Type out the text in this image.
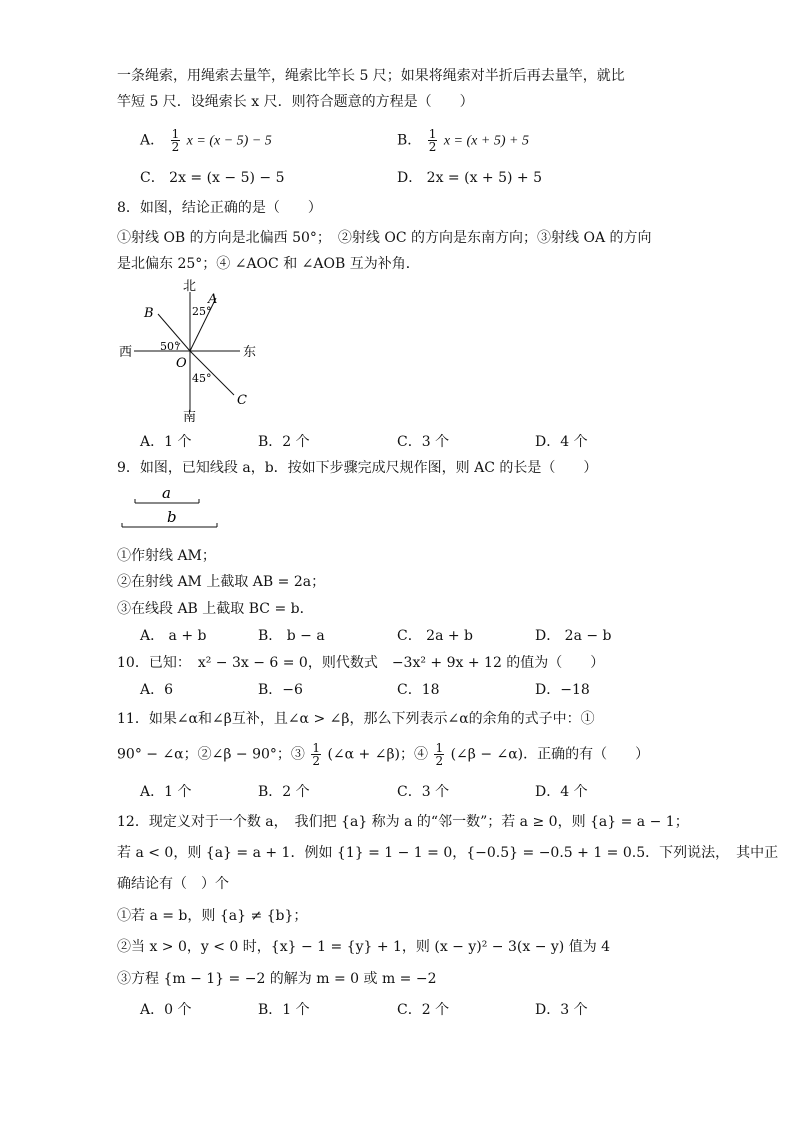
一条绳索，用绳索去量竿，绳索比竿长 5 尺；如果将绳索对半折后再去量竿，就比
竿短 5 尺．设绳索长 x 尺．则符合题意的方程是（　　）
A． $\frac{1}{2}$ x = (x − 5) − 5	B． $\frac{1}{2}$ x = (x + 5) + 5
C． 2x = (x − 5) − 5	D． 2x = (x + 5) + 5
8．如图，结论正确的是（　　）
①射线 OB 的方向是北偏西 50°；　②射线 OC 的方向是东南方向；③射线 OA 的方向
是北偏东 25°；④ ∠AOC 和 ∠AOB 互为补角．
北
南
西	东
A
B
C
O
25°
50°
45°
A．1 个	B．2 个	C．3 个	D．4 个
9．如图，已知线段 a，b．按如下步骤完成尺规作图，则 AC 的长是（　　）
a
b
①作射线 AM；
②在射线 AM 上截取 AB = 2a；
③在线段 AB 上截取 BC = b．
A． a + b	B． b − a	C． 2a + b	D． 2a − b
10．已知：　x² − 3x − 6 = 0，则代数式　−3x² + 9x + 12 的值为（　　）
A．6	B．−6	C．18	D．−18
11．如果∠α和∠β互补，且∠α > ∠β，那么下列表示∠α的余角的式子中：①
90° − ∠α；②∠β − 90°；③ $\frac{1}{2}$ (∠α + ∠β)；④ $\frac{1}{2}$ (∠β − ∠α)．正确的有（　　）
A．1 个	B．2 个	C．3 个	D．4 个
12．现定义对于一个数 a，　我们把 {a} 称为 a 的“邻一数”；若 a ≥ 0，则 {a} = a − 1；
若 a < 0，则 {a} = a + 1．例如 {1} = 1 − 1 = 0，{−0.5} = −0.5 + 1 = 0.5．下列说法，　其中正
确结论有（　）个
①若 a = b，则 {a} ≠ {b}；
②当 x > 0，y < 0 时，{x} − 1 = {y} + 1，则 (x − y)² − 3(x − y) 值为 4
③方程 {m − 1} = −2 的解为 m = 0 或 m = −2
A．0 个	B．1 个	C．2 个	D．3 个
